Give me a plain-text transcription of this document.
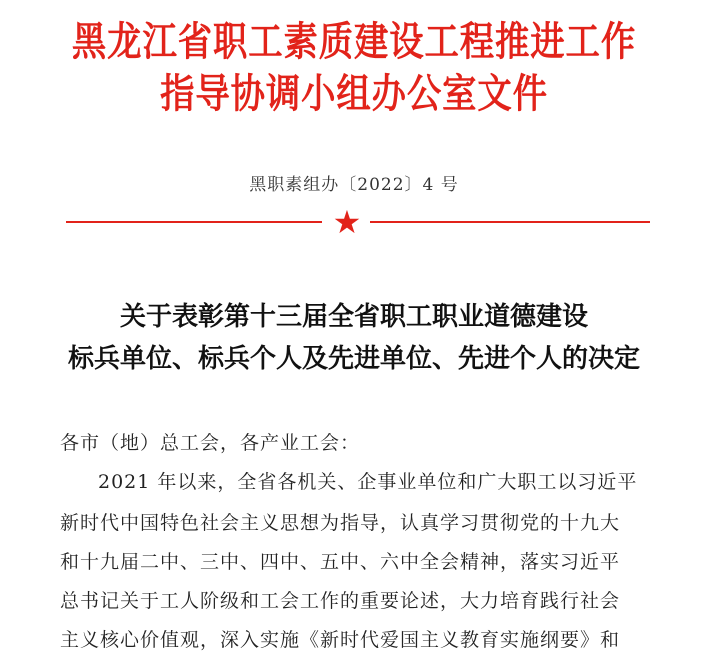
黑龙江省职工素质建设工程推进工作
指导协调小组办公室文件
黑职素组办〔2022〕4 号
★
关于表彰第十三届全省职工职业道德建设
标兵单位、标兵个人及先进单位、先进个人的决定
各市（地）总工会，各产业工会：
2021 年以来，全省各机关、企事业单位和广大职工以习近平
新时代中国特色社会主义思想为指导，认真学习贯彻党的十九大
和十九届二中、三中、四中、五中、六中全会精神，落实习近平
总书记关于工人阶级和工会工作的重要论述，大力培育践行社会
主义核心价值观，深入实施《新时代爱国主义教育实施纲要》和
